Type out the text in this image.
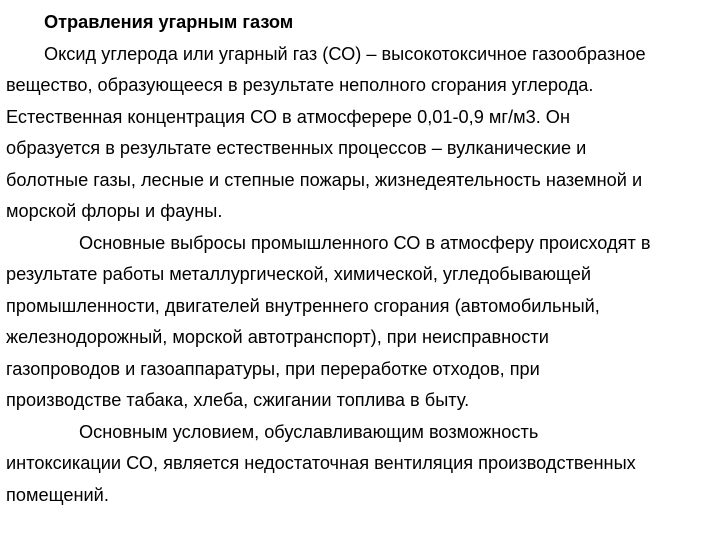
Отравления угарным газом
Оксид углерода или угарный газ (СО) – высокотоксичное газообразное
вещество, образующееся в результате неполного сгорания углерода.
Естественная концентрация СО в атмосферере 0,01-0,9 мг/м3. Он
образуется в результате естественных процессов – вулканические и
болотные газы, лесные и степные пожары, жизнедеятельность наземной и
морской флоры и фауны.
Основные выбросы промышленного СО в атмосферу происходят в
результате работы металлургической, химической, угледобывающей
промышленности, двигателей внутреннего сгорания (автомобильный,
железнодорожный, морской автотранспорт), при неисправности
газопроводов и газоаппаратуры, при переработке отходов, при
производстве табака, хлеба, сжигании топлива в быту.
Основным условием, обуславливающим возможность
интоксикации СО, является недостаточная вентиляция производственных
помещений.
